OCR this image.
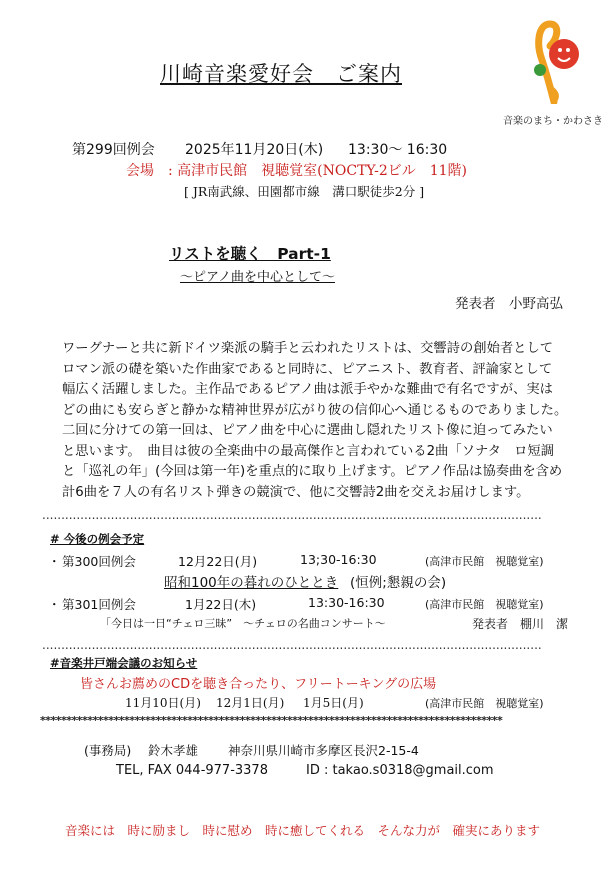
音楽のまち・かわさき
川崎音楽愛好会　ご案内
第299回例会 2025年11月20日(木) 13:30〜 16:30
会場　: 高津市民館　視聴覚室(NOCTY-2ビル　11階)
[ JR南武線、田園都市線　溝口駅徒歩2分 ]
リストを聴く　Part-1
〜ピアノ曲を中心として〜
発表者　小野高弘
ワーグナーと共に新ドイツ楽派の騎手と云われたリストは、交響詩の創始者として
ロマン派の礎を築いた作曲家であると同時に、ピアニスト、教育者、評論家として
幅広く活躍しました。主作品であるピアノ曲は派手やかな難曲で有名ですが、実は
どの曲にも安らぎと静かな精神世界が広がり彼の信仰心へ通じるものでありました。
二回に分けての第一回は、ピアノ曲を中心に選曲し隠れたリスト像に迫ってみたい
と思います。　曲目は彼の全楽曲中の最高傑作と言われている2曲「ソナタ　ロ短調
と「巡礼の年」(今回は第一年)を重点的に取り上げます。ピアノ作品は協奏曲を含め
計6曲を７人の有名リスト弾きの競演で、他に交響詩2曲を交えお届けします。
...................................................................................................................................
# 今後の例会予定
・ 第300回例会	12月22日(月)	13;30-16:30	(高津市民館　視聴覚室)
昭和100年の暮れのひととき (恒例;懇親の会)
・ 第301回例会	1月22日(木)	13:30-16:30	(高津市民館　視聴覚室)
「今日は一日“チェロ三昧”　〜チェロの名曲コンサート〜	発表者　棚川　潔
...................................................................................................................................
#音楽井戸端会議のお知らせ
皆さんお薦めのCDを聴き合ったり、フリートーキングの広場
11月10日(月) 12月1日(月) 1月5日(月)	(高津市民館　視聴覚室)
****************************************************************************************
(事務局) 鈴木孝雄 神奈川県川崎市多摩区長沢2-15-4
TEL, FAX 044-977-3378	ID : takao.s0318@gmail.com
音楽には　時に励まし　時に慰め　時に癒してくれる　そんな力が　確実にあります
